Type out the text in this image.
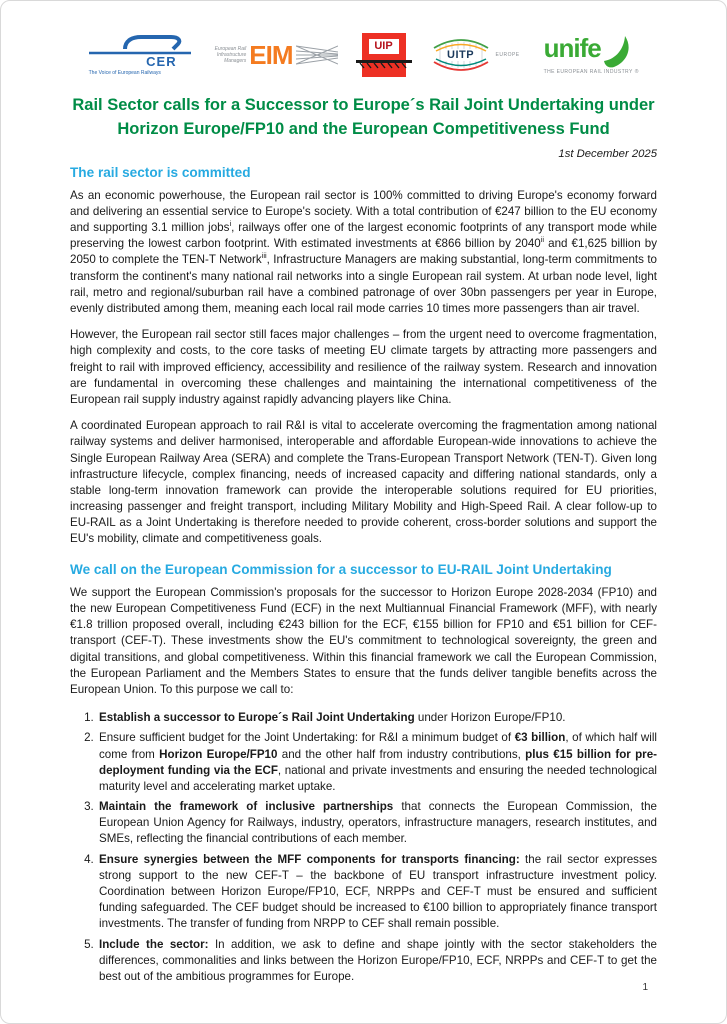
CER
The Voice of European Railways
European Rail
Infrastructure
Managers EIM	UIP
UITP	EUROPE unife
THE EUROPEAN RAIL INDUSTRY ®
Rail Sector calls for a Successor to Europe´s Rail Joint Undertaking under Horizon Europe/FP10 and the European Competitiveness Fund
1st December 2025
The rail sector is committed

As an economic powerhouse, the European rail sector is 100% committed to driving Europe's economy forward and delivering an essential service to Europe's society. With a total contribution of €247 billion to the EU economy and supporting 3.1 million jobs$^i$, railways offer one of the largest economic footprints of any transport mode while preserving the lowest carbon footprint. With estimated investments at €866 billion by 2040$^{ii}$ and €1,625 billion by 2050 to complete the TEN-T Network$^{iii}$, Infrastructure Managers are making substantial, long-term commitments to transform the continent's many national rail networks into a single European rail system. At urban node level, light rail, metro and regional/suburban rail have a combined patronage of over 30bn passengers per year in Europe, evenly distributed among them, meaning each local rail mode carries 10 times more passengers than air travel.

However, the European rail sector still faces major challenges – from the urgent need to overcome fragmentation, high complexity and costs, to the core tasks of meeting EU climate targets by attracting more passengers and freight to rail with improved efficiency, accessibility and resilience of the railway system. Research and innovation are fundamental in overcoming these challenges and maintaining the international competitiveness of the European rail supply industry against rapidly advancing players like China.

A coordinated European approach to rail R&I is vital to accelerate overcoming the fragmentation among national railway systems and deliver harmonised, interoperable and affordable European-wide innovations to achieve the Single European Railway Area (SERA) and complete the Trans-European Transport Network (TEN-T). Given long infrastructure lifecycle, complex financing, needs of increased capacity and differing national standards, only a stable long-term innovation framework can provide the interoperable solutions required for EU priorities, increasing passenger and freight transport, including Military Mobility and High-Speed Rail. A clear follow-up to EU-RAIL as a Joint Undertaking is therefore needed to provide coherent, cross-border solutions and support the EU's mobility, climate and competitiveness goals.

We call on the European Commission for a successor to EU-RAIL Joint Undertaking

We support the European Commission's proposals for the successor to Horizon Europe 2028-2034 (FP10) and the new European Competitiveness Fund (ECF) in the next Multiannual Financial Framework (MFF), with nearly €1.8 trillion proposed overall, including €243 billion for the ECF, €155 billion for FP10 and €51 billion for CEF-transport (CEF-T). These investments show the EU's commitment to technological sovereignty, the green and digital transitions, and global competitiveness. Within this financial framework we call the European Commission, the European Parliament and the Members States to ensure that the funds deliver tangible benefits across the European Union. To this purpose we call to:

1. Establish a successor to Europe´s Rail Joint Undertaking under Horizon Europe/FP10.
2. Ensure sufficient budget for the Joint Undertaking: for R&I a minimum budget of €3 billion, of which half will come from Horizon Europe/FP10 and the other half from industry contributions, plus €15 billion for pre-deployment funding via the ECF, national and private investments and ensuring the needed technological maturity level and accelerating market uptake.
3. Maintain the framework of inclusive partnerships that connects the European Commission, the European Union Agency for Railways, industry, operators, infrastructure managers, research institutes, and SMEs, reflecting the financial contributions of each member.
4. Ensure synergies between the MFF components for transports financing: the rail sector expresses strong support to the new CEF-T – the backbone of EU transport infrastructure investment policy. Coordination between Horizon Europe/FP10, ECF, NRPPs and CEF-T must be ensured and sufficient funding safeguarded. The CEF budget should be increased to €100 billion to appropriately finance transport investments. The transfer of funding from NRPP to CEF shall remain possible.
5. Include the sector: In addition, we ask to define and shape jointly with the sector stakeholders the differences, commonalities and links between the Horizon Europe/FP10, ECF, NRPPs and CEF-T to get the best out of the ambitious programmes for Europe.
1
